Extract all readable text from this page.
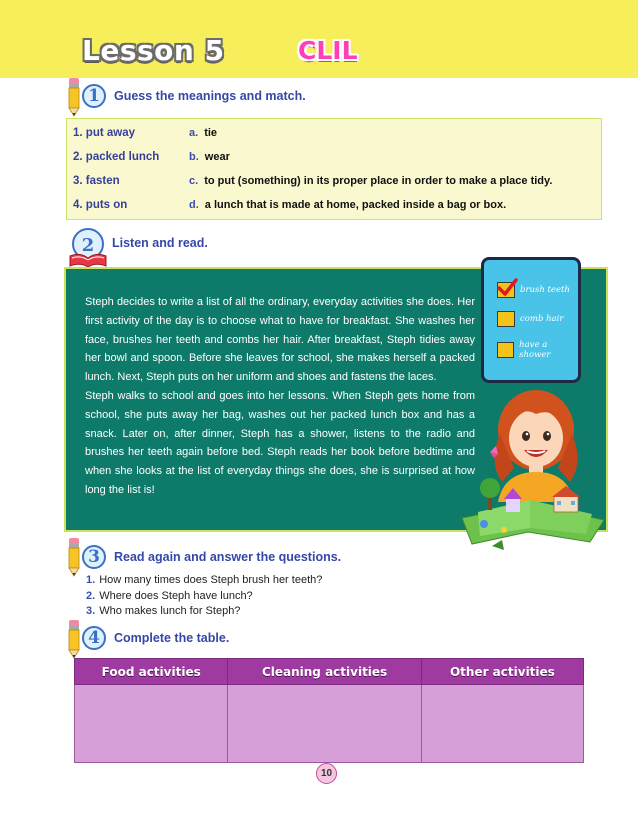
Lesson 5	CLIL
1	Guess the meanings and match.
1. put away	a. tie
2. packed lunch	b. wear
3. fasten	c. to put (something) in its proper place in order to make a place tidy.
4. puts on	d. a lunch that is made at home, packed inside a bag or box.
2 Listen and read.

Steph decides to write a list of all the ordinary, everyday activities she does. Her first activity of the day is to choose what to have for breakfast. She washes her face, brushes her teeth and combs her hair. After breakfast, Steph tidies away her bowl and spoon. Before she leaves for school, she makes herself a packed lunch. Next, Steph puts on her uniform and shoes and fastens the laces.

Steph walks to school and goes into her lessons. When Steph gets home from school, she puts away her bag, washes out her packed lunch box and has a snack. Later on, after dinner, Steph has a shower, listens to the radio and brushes her teeth again before bed. Steph reads her book before bedtime and when she looks at the list of everyday things she does, she is surprised at how long the list is!

brush teeth
comb hair
have a shower
3	Read again and answer the questions.
1. How many times does Steph brush her teeth?
2. Where does Steph have lunch?
3. Who makes lunch for Steph?
4	Complete the table.
Food activities	Cleaning activities	Other activities

10
